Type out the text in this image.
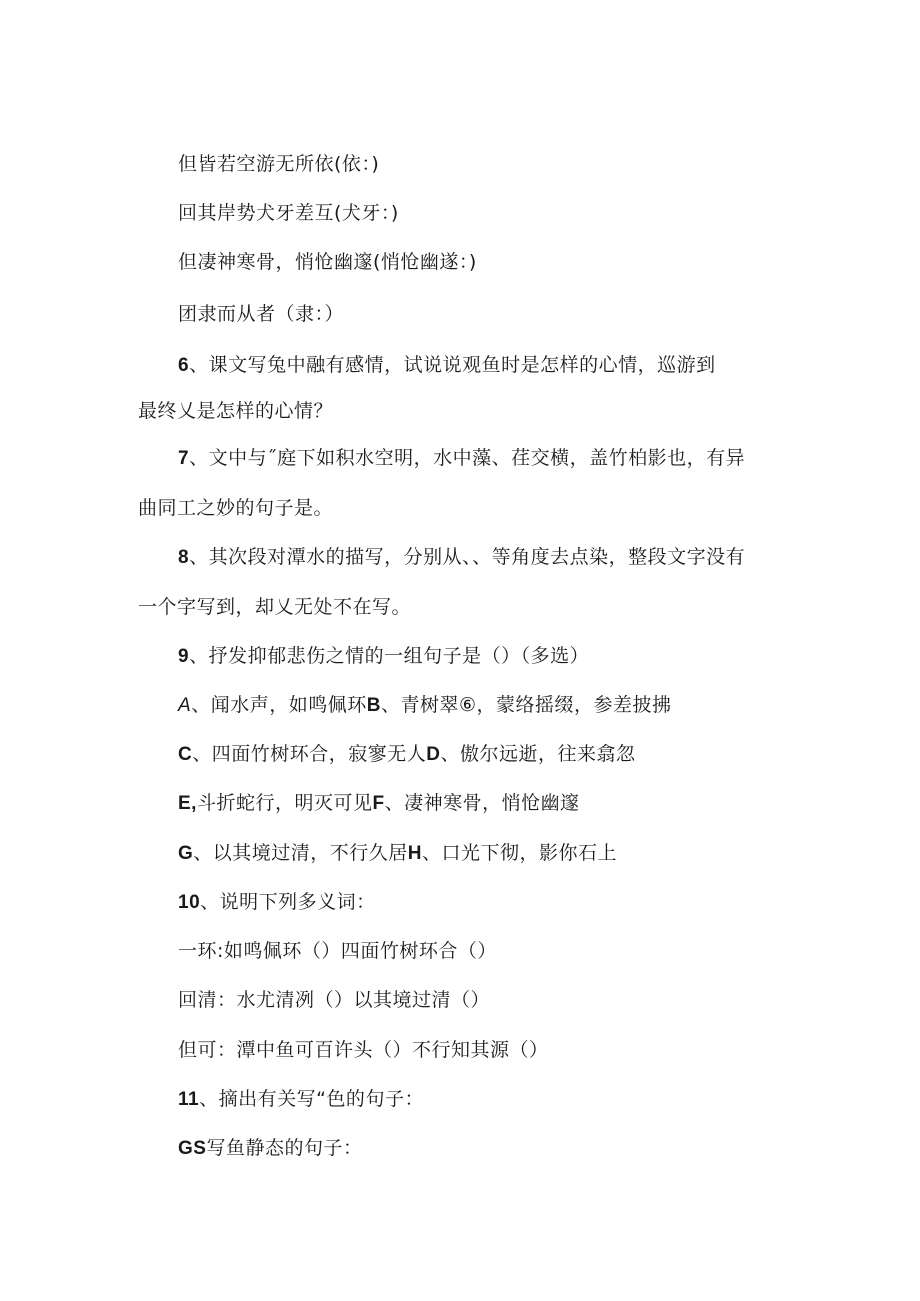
但皆若空游无所依(依：)
回其岸势犬牙差互(犬牙：)
但凄神寒骨，悄怆幽邃(悄怆幽遂：)
团隶而从者（隶：）
6、课文写兔中融有感情，试说说观鱼时是怎样的心情，巡游到
最终乂是怎样的心情？
7、文中与˝庭下如积水空明，水中藻、荏交横，盖竹柏影也，有异
曲同工之妙的句子是。
8、其次段对潭水的描写，分别从、、等角度去点染，整段文字没有
一个字写到，却乂无处不在写。
9、抒发抑郁悲伤之情的一组句子是（）（多选）
A、闻水声，如鸣佩环B、青树翠⑥，蒙络摇缀，参差披拂
C、四面竹树环合，寂寥无人D、傲尔远逝，往来翕忽
E,斗折蛇行，明灭可见F、凄神寒骨，悄怆幽邃
G、以其境过清，不行久居H、口光下彻，影你石上
10、说明下列多义词：
一环:如鸣佩环（）四面竹树环合（）
回清：水尤清冽（）以其境过清（）
但可：潭中鱼可百许头（）不行知其源（）
11、摘出有关写“色的句子：
GS写鱼静态的句子：
